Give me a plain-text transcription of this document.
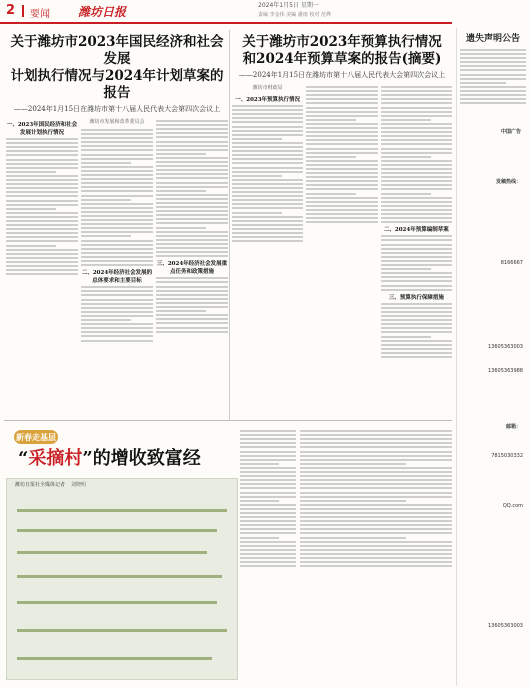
2 要闻 潍坊日报	2024年1月5日 星期一
责编 李金伟 美编 潘雨 校对 范烨
关于潍坊市2023年国民经济和社会发展
计划执行情况与2024年计划草案的报告
——2024年1月15日在潍坊市第十八届人民代表大会第四次会议上
一、2023年国民经济和社会发展计划执行情况
潍坊市发展和改革委员会
二、2024年经济社会发展的总体要求和主要目标
三、2024年经济社会发展重点任务和政策措施
关于潍坊市2023年预算执行情况
和2024年预算草案的报告(摘要)
——2024年1月15日在潍坊市第十八届人民代表大会第四次会议上
潍坊市财政局
一、2023年预算执行情况
二、2024年预算编制草案
三、预算执行保障措施
新春走基层
“采摘村”的增收致富经
潍坊日报社全媒体记者 刘晓明
遗失声明公告
中国广告
发稿热线：
8166667
13605363003
13605363988
邮箱：
7815030332
QQ.com
13605363003
